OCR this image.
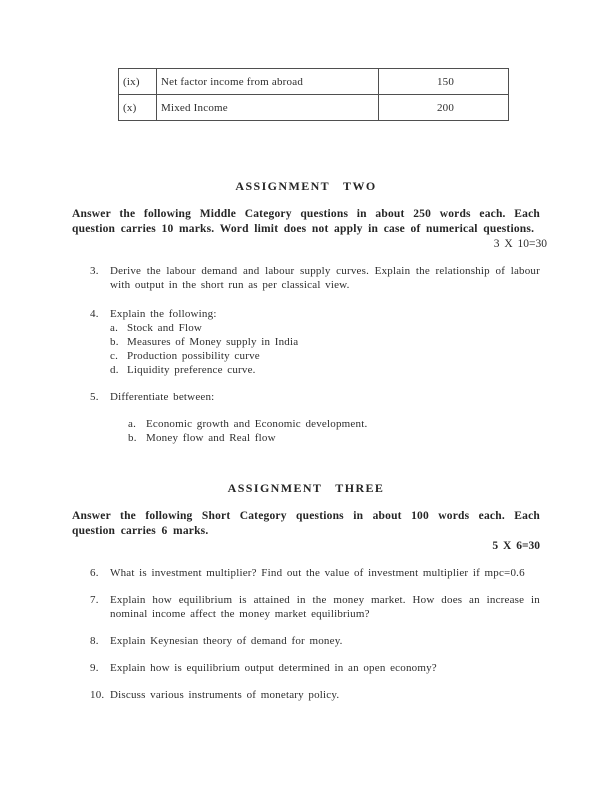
(ix)	Net factor income from abroad	150
(x)	Mixed Income	200
ASSIGNMENT TWO

Answer the following Middle Category questions in about 250 words each. Each question carries 10 marks. Word limit does not apply in case of numerical questions.

3 X 10=30
3.	Derive the labour demand and labour supply curves. Explain the relationship of labour with output in the short run as per classical view.
4.	Explain the following:
a. Stock and Flow
b. Measures of Money supply in India
c. Production possibility curve
d. Liquidity preference curve.
5.	Differentiate between:
a. Economic growth and Economic development.
b. Money flow and Real flow
ASSIGNMENT THREE

Answer the following Short Category questions in about 100 words each. Each question carries 6 marks.

5 X 6=30
6.	What is investment multiplier? Find out the value of investment multiplier if mpc=0.6
7.	Explain how equilibrium is attained in the money market. How does an increase in nominal income affect the money market equilibrium?
8.	Explain Keynesian theory of demand for money.
9.	Explain how is equilibrium output determined in an open economy?
10. Discuss various instruments of monetary policy.
